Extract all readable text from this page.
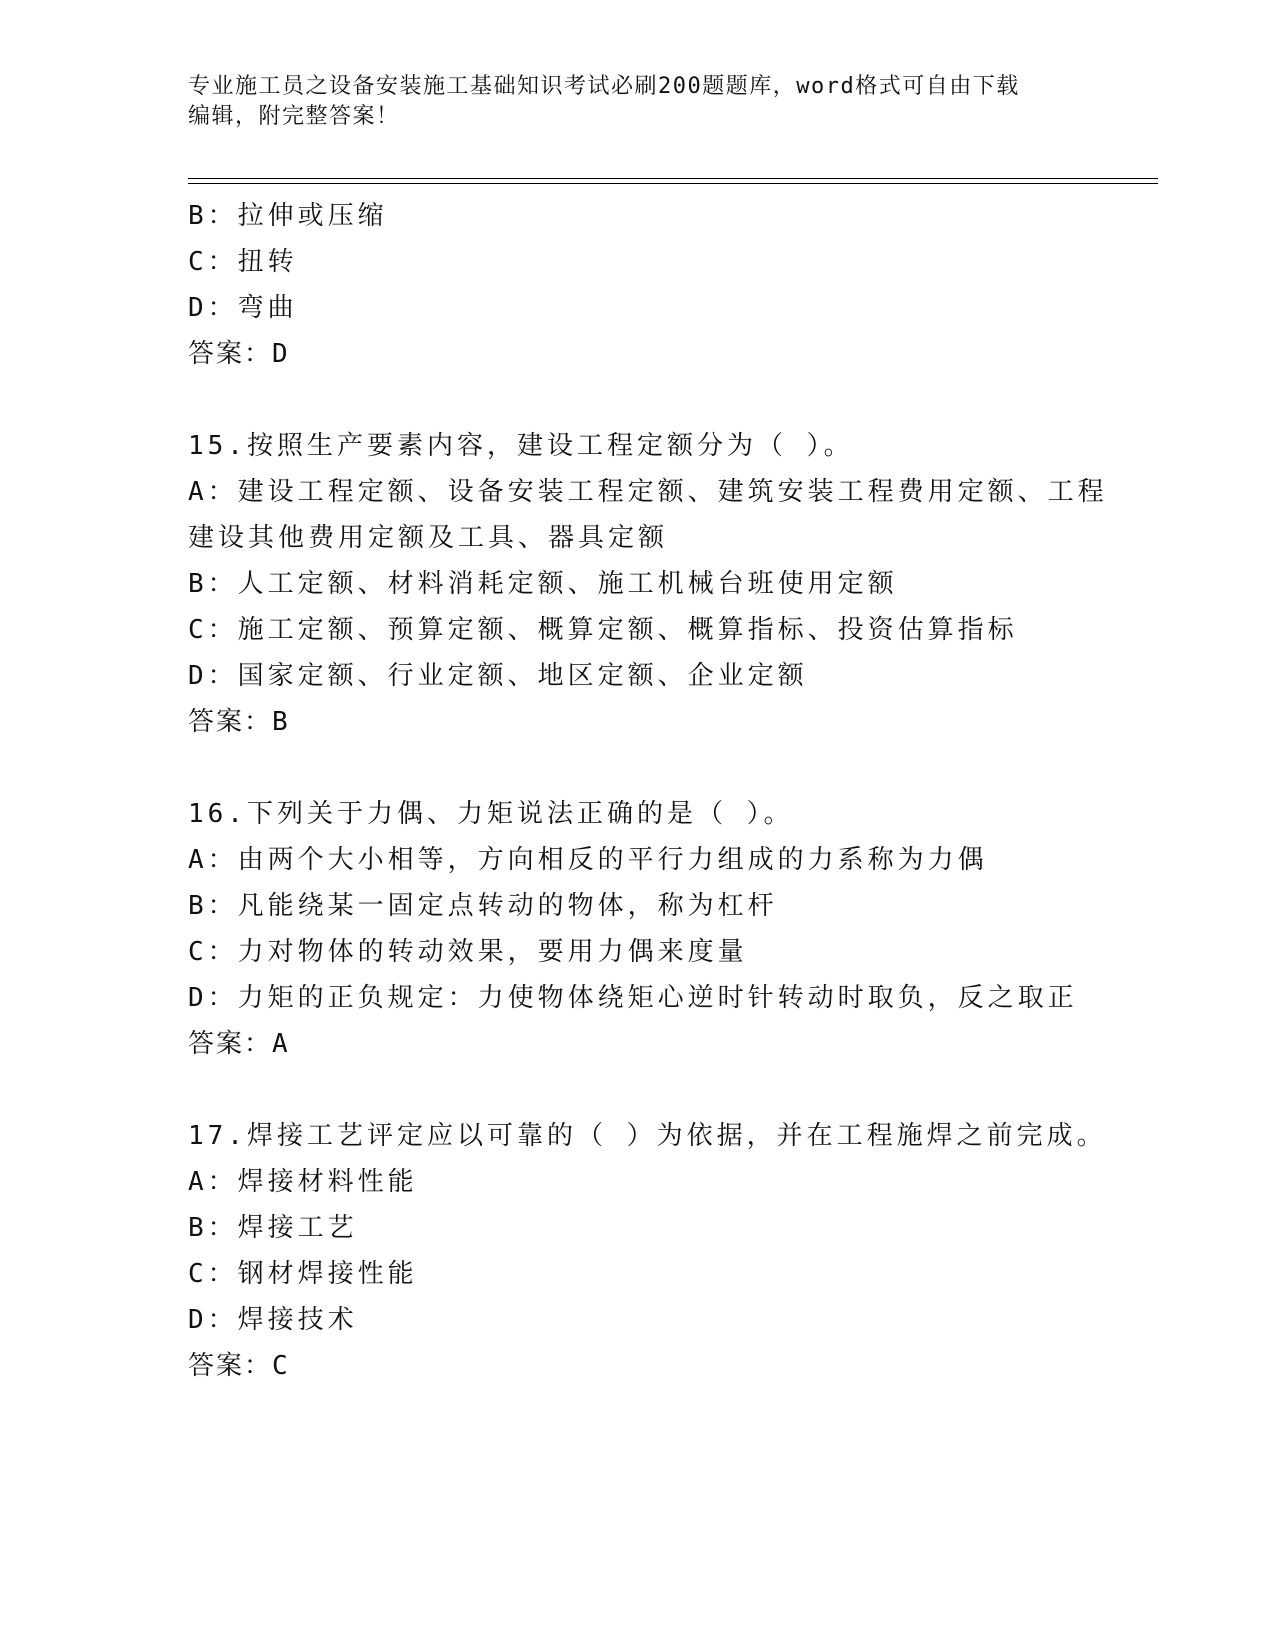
专业施工员之设备安装施工基础知识考试必刷200题题库，word格式可自由下载
编辑，附完整答案！
B：拉伸或压缩
C：扭转
D：弯曲
答案：D
15.按照生产要素内容，建设工程定额分为（ ）。
A：建设工程定额、设备安装工程定额、建筑安装工程费用定额、工程
建设其他费用定额及工具、器具定额
B：人工定额、材料消耗定额、施工机械台班使用定额
C：施工定额、预算定额、概算定额、概算指标、投资估算指标
D：国家定额、行业定额、地区定额、企业定额
答案：B
16.下列关于力偶、力矩说法正确的是（ ）。
A：由两个大小相等，方向相反的平行力组成的力系称为力偶
B：凡能绕某一固定点转动的物体，称为杠杆
C：力对物体的转动效果，要用力偶来度量
D：力矩的正负规定：力使物体绕矩心逆时针转动时取负，反之取正
答案：A
17.焊接工艺评定应以可靠的（ ）为依据，并在工程施焊之前完成。
A：焊接材料性能
B：焊接工艺
C：钢材焊接性能
D：焊接技术
答案：C
